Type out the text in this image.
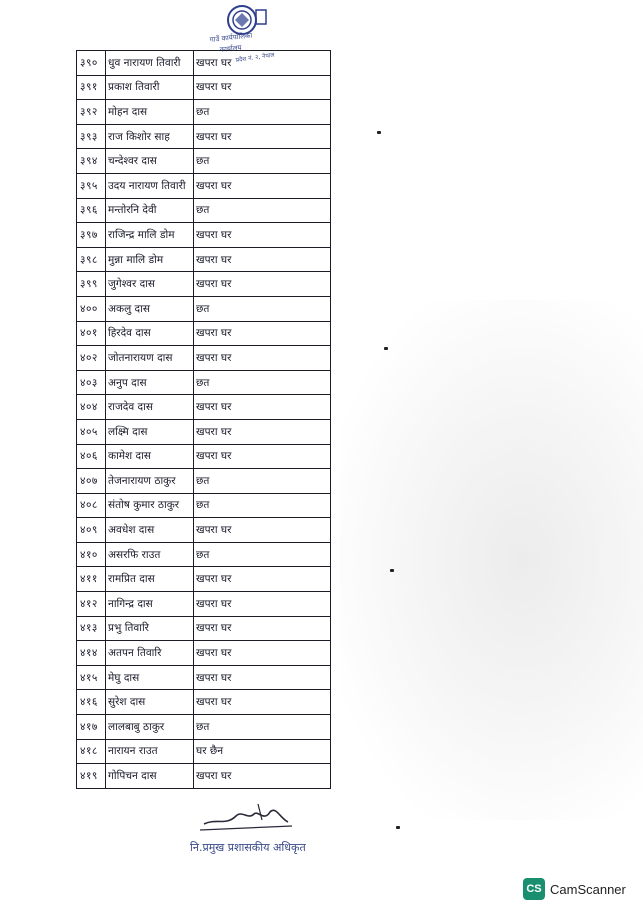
गाउँ कार्यपालिका
कार्यालय
प्रदेश नं. २, नेपाल
३९०	धुव नारायण तिवारी	खपरा घर
३९१	प्रकाश तिवारी	खपरा घर
३९२	मोहन दास	छत
३९३	राज किशोर साह	खपरा घर
३९४	चन्देश्वर दास	छत
३९५	उदय नारायण तिवारी	खपरा घर
३९६	मन्तोरनि देवी	छत
३९७	राजिन्द्र मालि डोम	खपरा घर
३९८	मुन्ना मालि डोम	खपरा घर
३९९	जुगेश्वर दास	खपरा घर
४००	अकलु दास	छत
४०१	हिरदेव दास	खपरा घर
४०२	जोतनारायण दास	खपरा घर
४०३	अनुप दास	छत
४०४	राजदेव दास	खपरा घर
४०५	लक्ष्मि दास	खपरा घर
४०६	कामेश दास	खपरा घर
४०७	तेजनारायण ठाकुर	छत
४०८	संतोष कुमार ठाकुर	छत
४०९	अवधेश दास	खपरा घर
४१०	असरफि राउत	छत
४११	रामप्रित दास	खपरा घर
४१२	नागिन्द्र दास	खपरा घर
४१३	प्रभु तिवारि	खपरा घर
४१४	अतपन तिवारि	खपरा घर
४१५	मेघु दास	खपरा घर
४१६	सुरेश दास	खपरा घर
४१७	लालबाबु ठाकुर	छत
४१८	नारायन राउत	घर छैन
४१९	गोपिचन दास	खपरा घर
नि.प्रमुख प्रशासकीय अधिकृत
CS CamScanner
